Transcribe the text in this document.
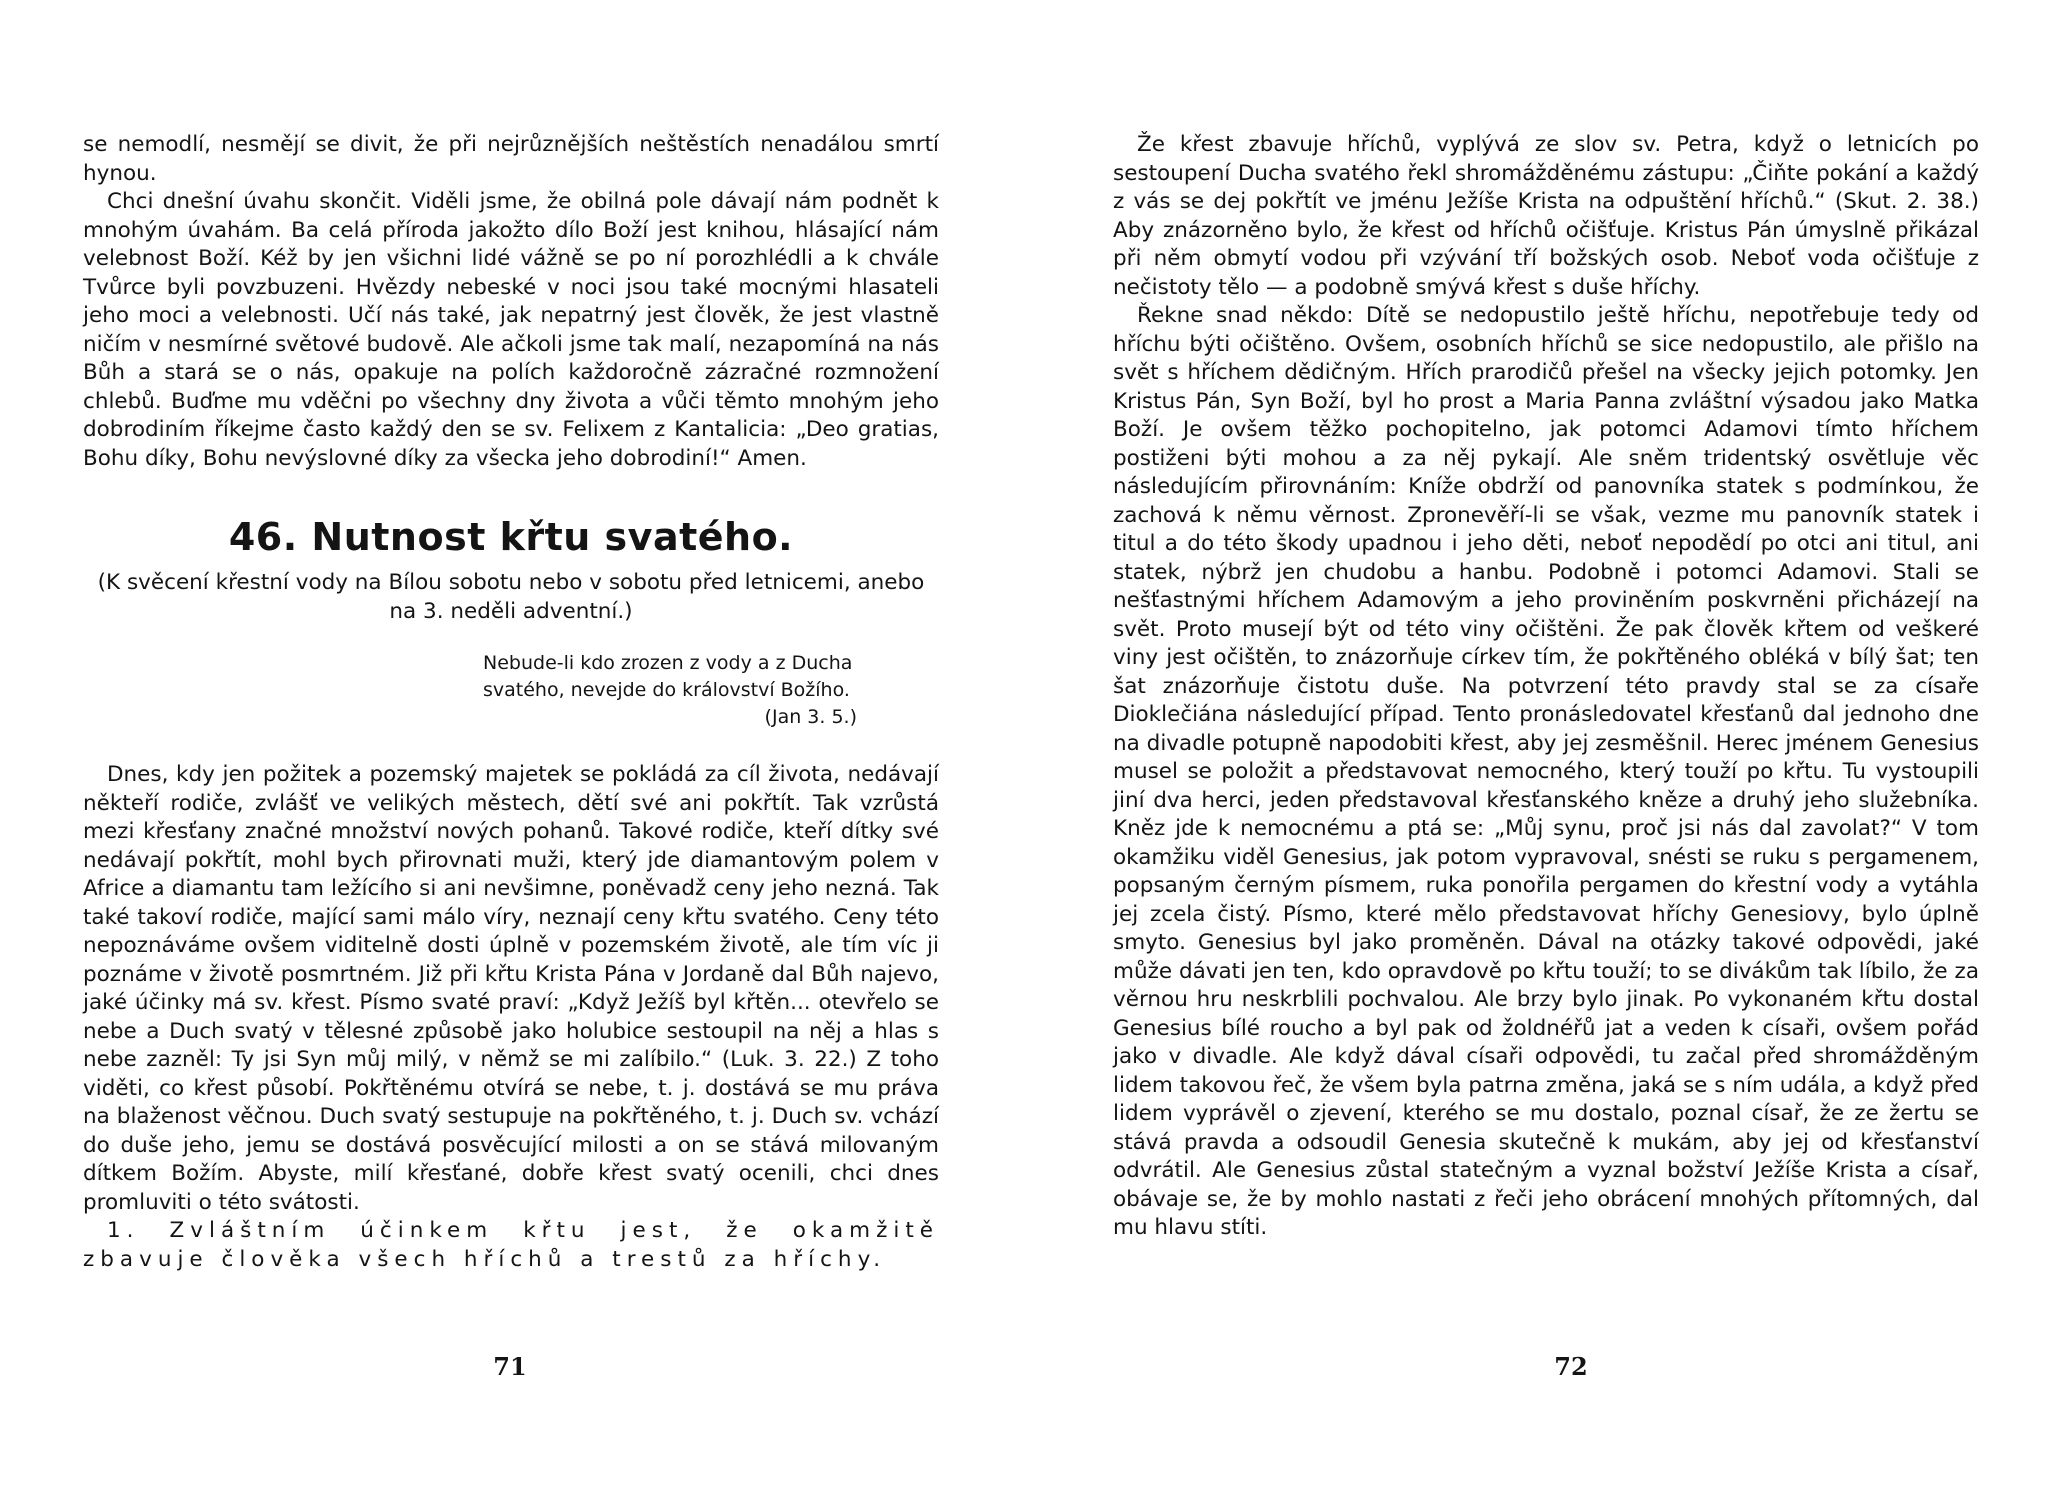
se nemodlí, nesmějí se divit, že při nejrůznějších neštěstích nenadálou smrtí hynou.

Chci dnešní úvahu skončit. Viděli jsme, že obilná pole dávají nám podnět k mnohým úvahám. Ba celá příroda jakožto dílo Boží jest knihou, hlásající nám velebnost Boží. Kéž by jen všichni lidé vážně se po ní porozhlédli a k chvále Tvůrce byli povzbuzeni. Hvězdy nebeské v noci jsou také mocnými hlasateli jeho moci a velebnosti. Učí nás také, jak nepatrný jest člověk, že jest vlastně ničím v nesmírné světové budově. Ale ačkoli jsme tak malí, nezapomíná na nás Bůh a stará se o nás, opakuje na polích každoročně zázračné rozmnožení chlebů. Buďme mu vděčni po všechny dny života a vůči těmto mnohým jeho dobrodiním říkejme často každý den se sv. Felixem z Kantalicia: „Deo gratias, Bohu díky, Bohu nevýslovné díky za všecka jeho dobrodiní!“ Amen.

46. Nutnost křtu svatého.

(K svěcení křestní vody na Bílou sobotu nebo v sobotu před letnicemi, anebo na 3. neděli adventní.)

Nebude-li kdo zrozen z vody a z Ducha
svatého, nevejde do království Božího.
(Jan 3. 5.)

Dnes, kdy jen požitek a pozemský majetek se pokládá za cíl života, nedávají někteří rodiče, zvlášť ve velikých městech, dětí své ani pokřtít. Tak vzrůstá mezi křesťany značné množství nových pohanů. Takové rodiče, kteří dítky své nedávají pokřtít, mohl bych přirovnati muži, který jde diamantovým polem v Africe a diamantu tam ležícího si ani nevšimne, poněvadž ceny jeho nezná. Tak také takoví rodiče, mající sami málo víry, neznají ceny křtu svatého. Ceny této nepoznáváme ovšem viditelně dosti úplně v pozemském životě, ale tím víc ji poznáme v životě posmrtném. Již při křtu Krista Pána v Jordaně dal Bůh najevo, jaké účinky má sv. křest. Písmo svaté praví: „Když Ježíš byl křtěn... otevřelo se nebe a Duch svatý v tělesné způsobě jako holubice sestoupil na něj a hlas s nebe zazněl: Ty jsi Syn můj milý, v němž se mi zalíbilo.“ (Luk. 3. 22.) Z toho viděti, co křest působí. Pokřtěnému otvírá se nebe, t. j. dostává se mu práva na blaženost věčnou. Duch svatý sestupuje na pokřtěného, t. j. Duch sv. vchází do duše jeho, jemu se dostává posvěcující milosti a on se stává milovaným dítkem Božím. Abyste, milí křesťané, dobře křest svatý ocenili, chci dnes promluviti o této svátosti.

1. Zvláštním účinkem křtu jest, že okamžitě zbavuje člověka všech hříchů a trestů za hříchy.

71

Že křest zbavuje hříchů, vyplývá ze slov sv. Petra, když o letnicích po sestoupení Ducha svatého řekl shromážděnému zástupu: „Čiňte pokání a každý z vás se dej pokřtít ve jménu Ježíše Krista na odpuštění hříchů.“ (Skut. 2. 38.) Aby znázorněno bylo, že křest od hříchů očišťuje. Kristus Pán úmyslně přikázal při něm obmytí vodou při vzývání tří božských osob. Neboť voda očišťuje z nečistoty tělo — a podobně smývá křest s duše hříchy.

Řekne snad někdo: Dítě se nedopustilo ještě hříchu, nepotřebuje tedy od hříchu býti očištěno. Ovšem, osobních hříchů se sice nedopustilo, ale přišlo na svět s hříchem dědičným. Hřích prarodičů přešel na všecky jejich potomky. Jen Kristus Pán, Syn Boží, byl ho prost a Maria Panna zvláštní výsadou jako Matka Boží. Je ovšem těžko pochopitelno, jak potomci Adamovi tímto hříchem postiženi býti mohou a za něj pykají. Ale sněm tridentský osvětluje věc následujícím přirovnáním: Kníže obdrží od panovníka statek s podmínkou, že zachová k němu věrnost. Zpronevěří-li se však, vezme mu panovník statek i titul a do této škody upadnou i jeho děti, neboť nepodědí po otci ani titul, ani statek, nýbrž jen chudobu a hanbu. Podobně i potomci Adamovi. Stali se nešťastnými hříchem Adamovým a jeho proviněním poskvrněni přicházejí na svět. Proto musejí být od této viny očištěni. Že pak člověk křtem od veškeré viny jest očištěn, to znázorňuje církev tím, že pokřtěného obléká v bílý šat; ten šat znázorňuje čistotu duše. Na potvrzení této pravdy stal se za císaře Dioklečiána následující případ. Tento pronásledovatel křesťanů dal jednoho dne na divadle potupně napodobiti křest, aby jej zesměšnil. Herec jménem Genesius musel se položit a představovat nemocného, který touží po křtu. Tu vystoupili jiní dva herci, jeden představoval křesťanského kněze a druhý jeho služebníka. Kněz jde k nemocnému a ptá se: „Můj synu, proč jsi nás dal zavolat?“ V tom okamžiku viděl Genesius, jak potom vypravoval, snésti se ruku s pergamenem, popsaným černým písmem, ruka ponořila pergamen do křestní vody a vytáhla jej zcela čistý. Písmo, které mělo představovat hříchy Genesiovy, bylo úplně smyto. Genesius byl jako proměněn. Dával na otázky takové odpovědi, jaké může dávati jen ten, kdo opravdově po křtu touží; to se divákům tak líbilo, že za věrnou hru neskrblili pochvalou. Ale brzy bylo jinak. Po vykonaném křtu dostal Genesius bílé roucho a byl pak od žoldnéřů jat a veden k císaři, ovšem pořád jako v divadle. Ale když dával císaři odpovědi, tu začal před shromážděným lidem takovou řeč, že všem byla patrna změna, jaká se s ním udála, a když před lidem vyprávěl o zjevení, kterého se mu dostalo, poznal císař, že ze žertu se stává pravda a odsoudil Genesia skutečně k mukám, aby jej od křesťanství odvrátil. Ale Genesius zůstal statečným a vyznal božství Ježíše Krista a císař, obávaje se, že by mohlo nastati z řeči jeho obrácení mnohých přítomných, dal mu hlavu stíti.

72
